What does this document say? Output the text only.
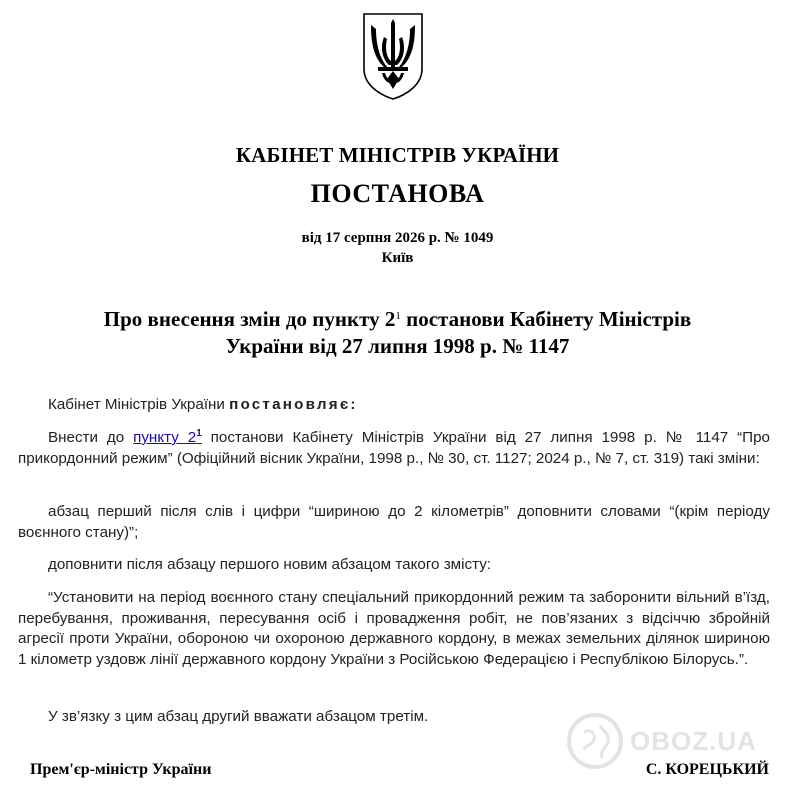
КАБІНЕТ МІНІСТРІВ УКРАЇНИ
ПОСТАНОВА
від 17 серпня 2026 р. № 1049
Київ
Про внесення змін до пункту $2^1$ постанови Кабінету Міністрів
України від 27 липня 1998 р. № 1147

Кабінет Міністрів України постановляє:

Внести до пункту 2$^1$ постанови Кабінету Міністрів України від 27 липня 1998 р. № 1147 “Про прикордонний режим” (Офіційний вісник України, 1998 р., № 30, ст. 1127; 2024 р., № 7, ст. 319) такі зміни:

абзац перший після слів і цифри “шириною до 2 кілометрів” доповнити словами “(крім періоду воєнного стану)”;

доповнити після абзацу першого новим абзацом такого змісту:

“Установити на період воєнного стану спеціальний прикордонний режим та заборонити вільний в’їзд, перебування, проживання, пересування осіб і провадження робіт, не пов’язаних з відсіччю збройній агресії проти України, обороною чи охороною державного кордону, в межах земельних ділянок шириною 1 кілометр уздовж лінії державного кордону України з Російською Федерацією і Республікою Білорусь.”.

У зв’язку з цим абзац другий вважати абзацом третім.

OBOZ.UA
Прем'єр-міністр України	С. КОРЕЦЬКИЙ
